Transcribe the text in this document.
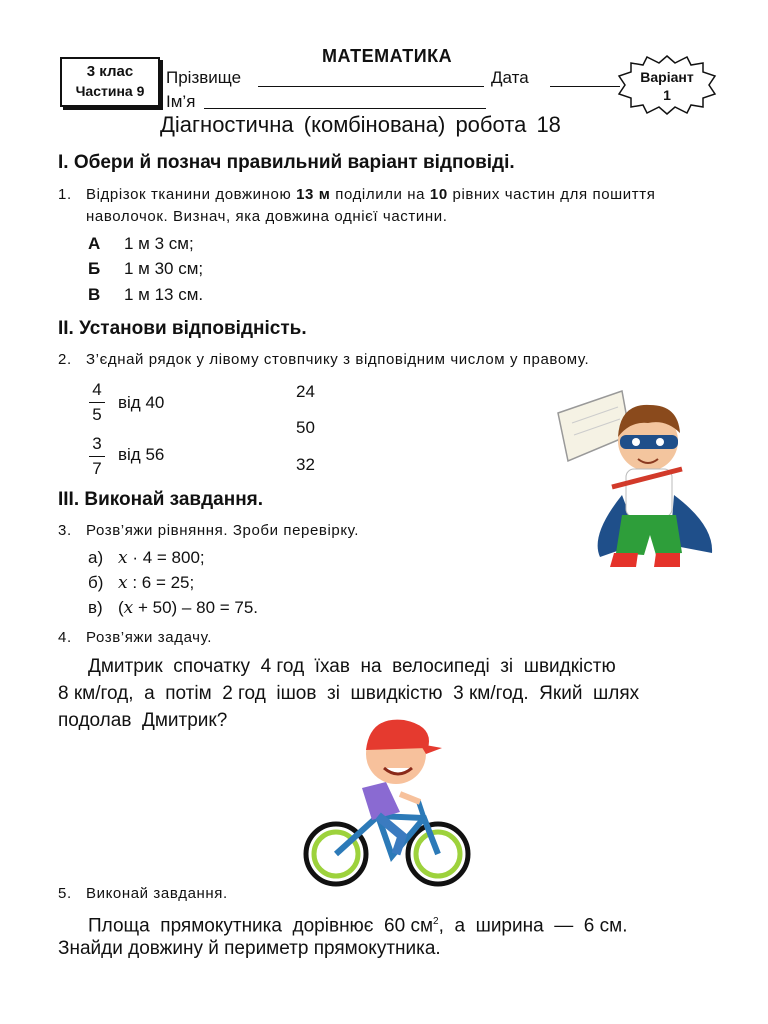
3 клас
Частина 9
МАТЕМАТИКА
Прізвище	Дата
Ім’я
Варіант
1
Діагностична (комбінована) робота 18
I. Обери й познач правильний варіант відповіді.
1. Відрізок тканини довжиною 13 м поділили на 10 рівних частин для пошиття
наволочок. Визнач, яка довжина однієї частини.
А 1 м 3 см;
Б 1 м 30 см;
В 1 м 13 см.
II. Установи відповідність.
2. З’єднай рядок у лівому стовпчику з відповідним числом у правому.
4
5
від 40
3
7
від 56
24
50
32
III. Виконай завдання.
3. Розв’яжи рівняння. Зроби перевірку.
а) x · 4 = 800;
б) x : 6 = 25;
в) (x + 50) – 80 = 75.
4. Розв’яжи задачу.
Дмитрик  спочатку  4 год  їхав  на  велосипеді  зі  швидкістю
8 км/год,  а  потім  2 год  ішов  зі  швидкістю  3 км/год.  Який  шлях
подолав  Дмитрик?
5. Виконай завдання.
Площа  прямокутника  дорівнює  60 $см^2$,  а  ширина  —  6 см.
Знайди довжину й периметр прямокутника.
